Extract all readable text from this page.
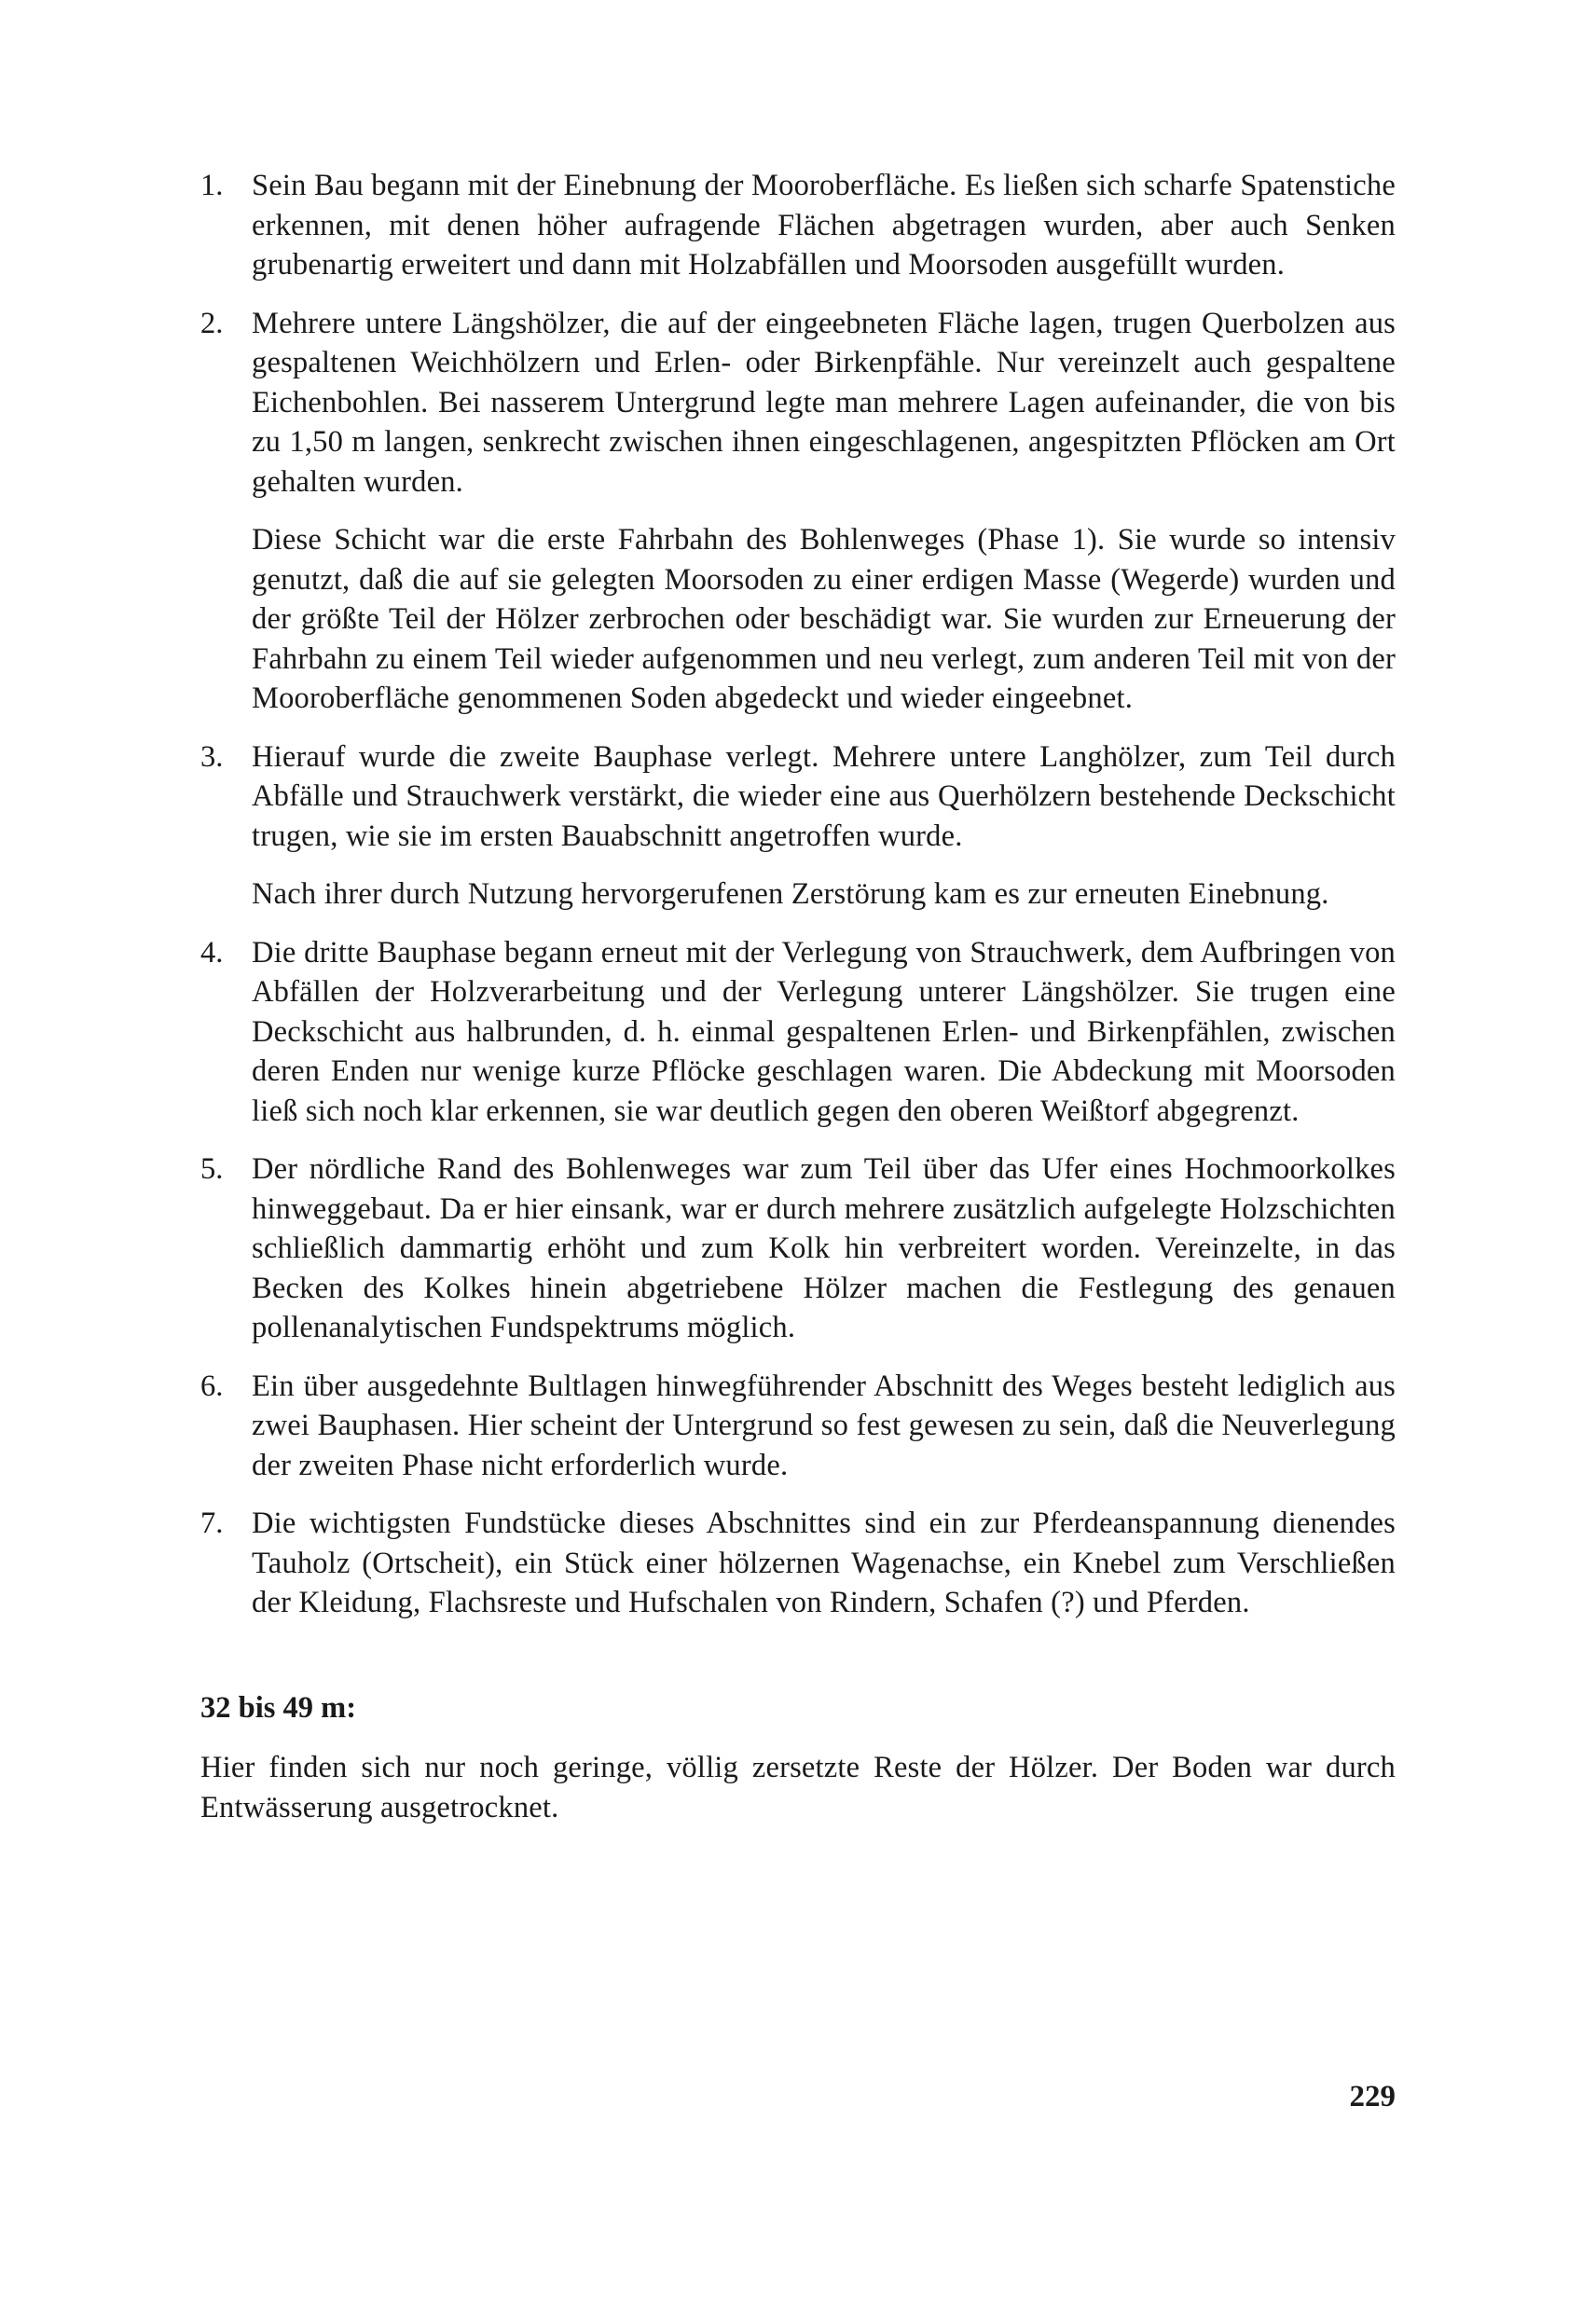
1. Sein Bau begann mit der Einebnung der Mooroberfläche. Es ließen sich scharfe Spatenstiche erkennen, mit denen höher aufragende Flächen abgetragen wurden, aber auch Senken grubenartig erweitert und dann mit Holzabfällen und Moorsoden ausgefüllt wurden.

2. Mehrere untere Längshölzer, die auf der eingeebneten Fläche lagen, trugen Querbolzen aus gespaltenen Weichhölzern und Erlen- oder Birkenpfähle. Nur vereinzelt auch gespaltene Eichenbohlen. Bei nasserem Untergrund legte man mehrere Lagen aufeinander, die von bis zu 1,50 m langen, senkrecht zwischen ihnen eingeschlagenen, angespitzten Pflöcken am Ort gehalten wurden.

Diese Schicht war die erste Fahrbahn des Bohlenweges (Phase 1). Sie wurde so intensiv genutzt, daß die auf sie gelegten Moorsoden zu einer erdigen Masse (Wegerde) wurden und der größte Teil der Hölzer zerbrochen oder beschädigt war. Sie wurden zur Erneuerung der Fahrbahn zu einem Teil wieder aufgenommen und neu verlegt, zum anderen Teil mit von der Mooroberfläche genommenen Soden abgedeckt und wieder eingeebnet.

3. Hierauf wurde die zweite Bauphase verlegt. Mehrere untere Langhölzer, zum Teil durch Abfälle und Strauchwerk verstärkt, die wieder eine aus Querhölzern bestehende Deckschicht trugen, wie sie im ersten Bauabschnitt angetroffen wurde.

Nach ihrer durch Nutzung hervorgerufenen Zerstörung kam es zur erneuten Einebnung.

4. Die dritte Bauphase begann erneut mit der Verlegung von Strauchwerk, dem Aufbringen von Abfällen der Holzverarbeitung und der Verlegung unterer Längshölzer. Sie trugen eine Deckschicht aus halbrunden, d. h. einmal gespaltenen Erlen- und Birkenpfählen, zwischen deren Enden nur wenige kurze Pflöcke geschlagen waren. Die Abdeckung mit Moorsoden ließ sich noch klar erkennen, sie war deutlich gegen den oberen Weißtorf abgegrenzt.

5. Der nördliche Rand des Bohlenweges war zum Teil über das Ufer eines Hochmoorkolkes hinweggebaut. Da er hier einsank, war er durch mehrere zusätzlich aufgelegte Holzschichten schließlich dammartig erhöht und zum Kolk hin verbreitert worden. Vereinzelte, in das Becken des Kolkes hinein abgetriebene Hölzer machen die Festlegung des genauen pollenanalytischen Fundspektrums möglich.

6. Ein über ausgedehnte Bultlagen hinwegführender Abschnitt des Weges besteht lediglich aus zwei Bauphasen. Hier scheint der Untergrund so fest gewesen zu sein, daß die Neuverlegung der zweiten Phase nicht erforderlich wurde.

7. Die wichtigsten Fundstücke dieses Abschnittes sind ein zur Pferdeanspannung dienendes Tauholz (Ortscheit), ein Stück einer hölzernen Wagenachse, ein Knebel zum Verschließen der Kleidung, Flachsreste und Hufschalen von Rindern, Schafen (?) und Pferden.

32 bis 49 m:

Hier finden sich nur noch geringe, völlig zersetzte Reste der Hölzer. Der Boden war durch Entwässerung ausgetrocknet.

229
